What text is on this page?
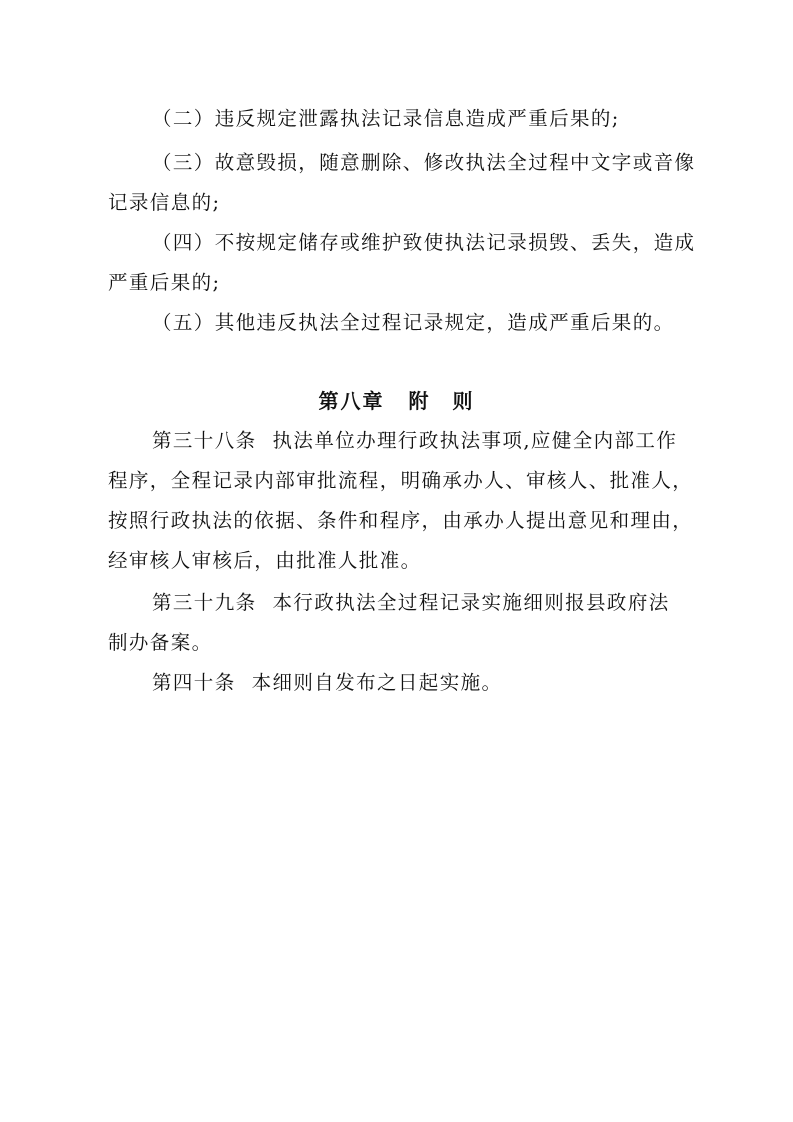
（二）违反规定泄露执法记录信息造成严重后果的;
（三）故意毁损，随意删除、修改执法全过程中文字或音像
记录信息的;
（四）不按规定储存或维护致使执法记录损毁、丢失，造成
严重后果的;
（五）其他违反执法全过程记录规定，造成严重后果的。
第八章 附　则
第三十八条 执法单位办理行政执法事项,应健全内部工作
程序，全程记录内部审批流程，明确承办人、审核人、批准人，
按照行政执法的依据、条件和程序，由承办人提出意见和理由，
经审核人审核后，由批准人批准。
第三十九条 本行政执法全过程记录实施细则报县政府法
制办备案。
第四十条 本细则自发布之日起实施。
